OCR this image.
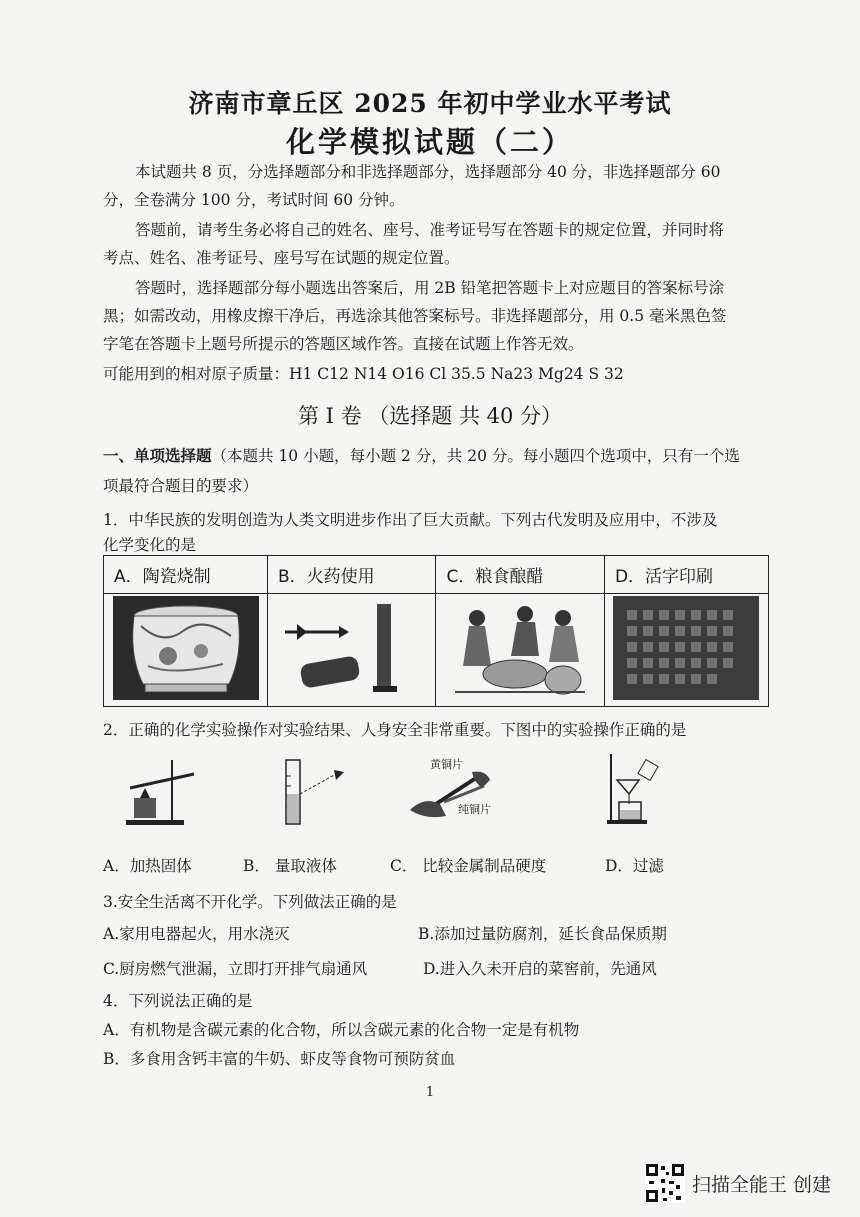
济南市章丘区 2025 年初中学业水平考试
化学模拟试题（二）
本试题共 8 页，分选择题部分和非选择题部分，选择题部分 40 分，非选择题部分 60
分，全卷满分 100 分，考试时间 60 分钟。
答题前，请考生务必将自己的姓名、座号、准考证号写在答题卡的规定位置，并同时将
考点、姓名、准考证号、座号写在试题的规定位置。
答题时，选择题部分每小题选出答案后，用 2B 铅笔把答题卡上对应题目的答案标号涂
黑；如需改动，用橡皮擦干净后，再选涂其他答案标号。非选择题部分，用 0.5 毫米黑色签
字笔在答题卡上题号所提示的答题区域作答。直接在试题上作答无效。
可能用到的相对原子质量：H1 C12 N14 O16 Cl 35.5 Na23 Mg24 S 32
第 I 卷 （选择题 共 40 分）
一、单项选择题（本题共 10 小题，每小题 2 分，共 20 分。每小题四个选项中，只有一个选
项最符合题目的要求）
1．中华民族的发明创造为人类文明进步作出了巨大贡献。下列古代发明及应用中，不涉及
化学变化的是
A．陶瓷烧制	B．火药使用	C．粮食酿醋	D．活字印刷

2．正确的化学实验操作对实验结果、人身安全非常重要。下图中的实验操作正确的是
黄铜片
纯铜片
A．加热固体	B． 量取液体	C． 比较金属制品硬度	D．过滤
3.安全生活离不开化学。下列做法正确的是
A.家用电器起火，用水浇灭	B.添加过量防腐剂，延长食品保质期
C.厨房燃气泄漏，立即打开排气扇通风	D.进入久未开启的菜窖前，先通风
4．下列说法正确的是
A．有机物是含碳元素的化合物，所以含碳元素的化合物一定是有机物
B．多食用含钙丰富的牛奶、虾皮等食物可预防贫血
1
扫描全能王 创建
